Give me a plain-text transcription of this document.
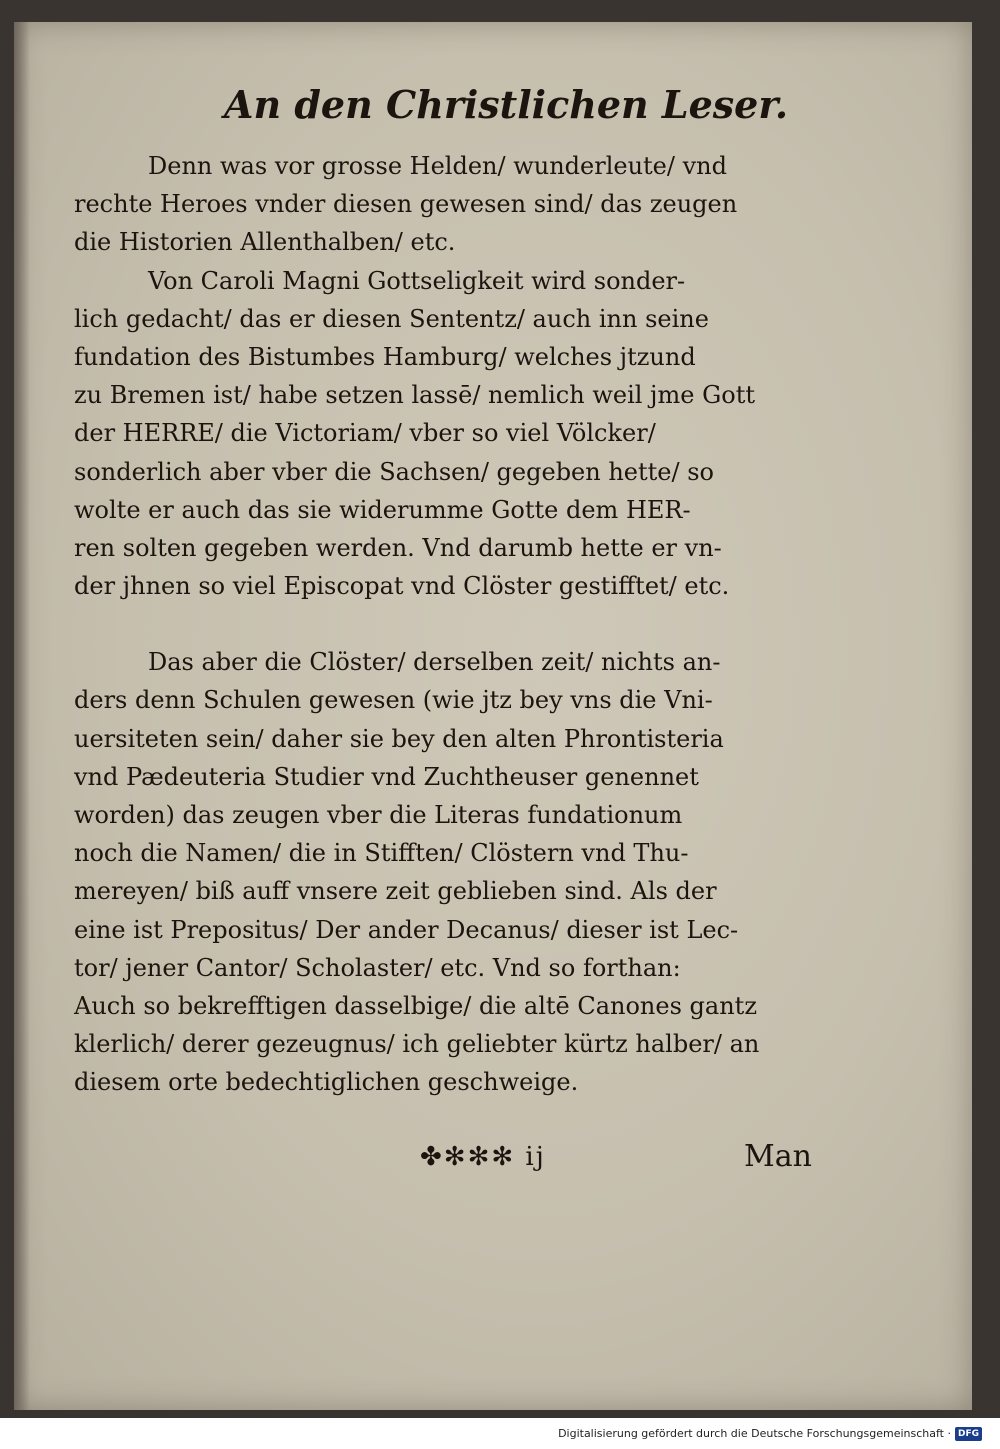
An den Christlichen Leser.
Denn was vor grosse Helden/ wunderleute/ vnd
rechte Heroes vnder diesen gewesen sind/ das zeugen
die Historien Allenthalben/ etc.
Von Caroli Magni Gottseligkeit wird sonder-
lich gedacht/ das er diesen Sententz/ auch inn seine
fundation des Bistumbes Hamburg/ welches jtzund
zu Bremen ist/ habe setzen lassē/ nemlich weil jme Gott
der HERRE/ die Victoriam/ vber so viel Völcker/
sonderlich aber vber die Sachsen/ gegeben hette/ so
wolte er auch das sie widerumme Gotte dem HER-
ren solten gegeben werden. Vnd darumb hette er vn-
der jhnen so viel Episcopat vnd Clöster gestifftet/ etc.
Das aber die Clöster/ derselben zeit/ nichts an-
ders denn Schulen gewesen (wie jtz bey vns die Vni-
uersiteten sein/ daher sie bey den alten Phrontisteria
vnd Pædeuteria Studier vnd Zuchtheuser genennet
worden) das zeugen vber die Literas fundationum
noch die Namen/ die in Stifften/ Clöstern vnd Thu-
mereyen/ biß auff vnsere zeit geblieben sind. Als der
eine ist Prepositus/ Der ander Decanus/ dieser ist Lec-
tor/ jener Cantor/ Scholaster/ etc. Vnd so forthan:
Auch so bekrefftigen dasselbige/ die altē Canones gantz
klerlich/ derer gezeugnus/ ich geliebter kürtz halber/ an
diesem orte bedechtiglichen geschweige.
✤✻✻✻ ij	Man
Digitalisierung gefördert durch die Deutsche Forschungsgemeinschaft · DFG
